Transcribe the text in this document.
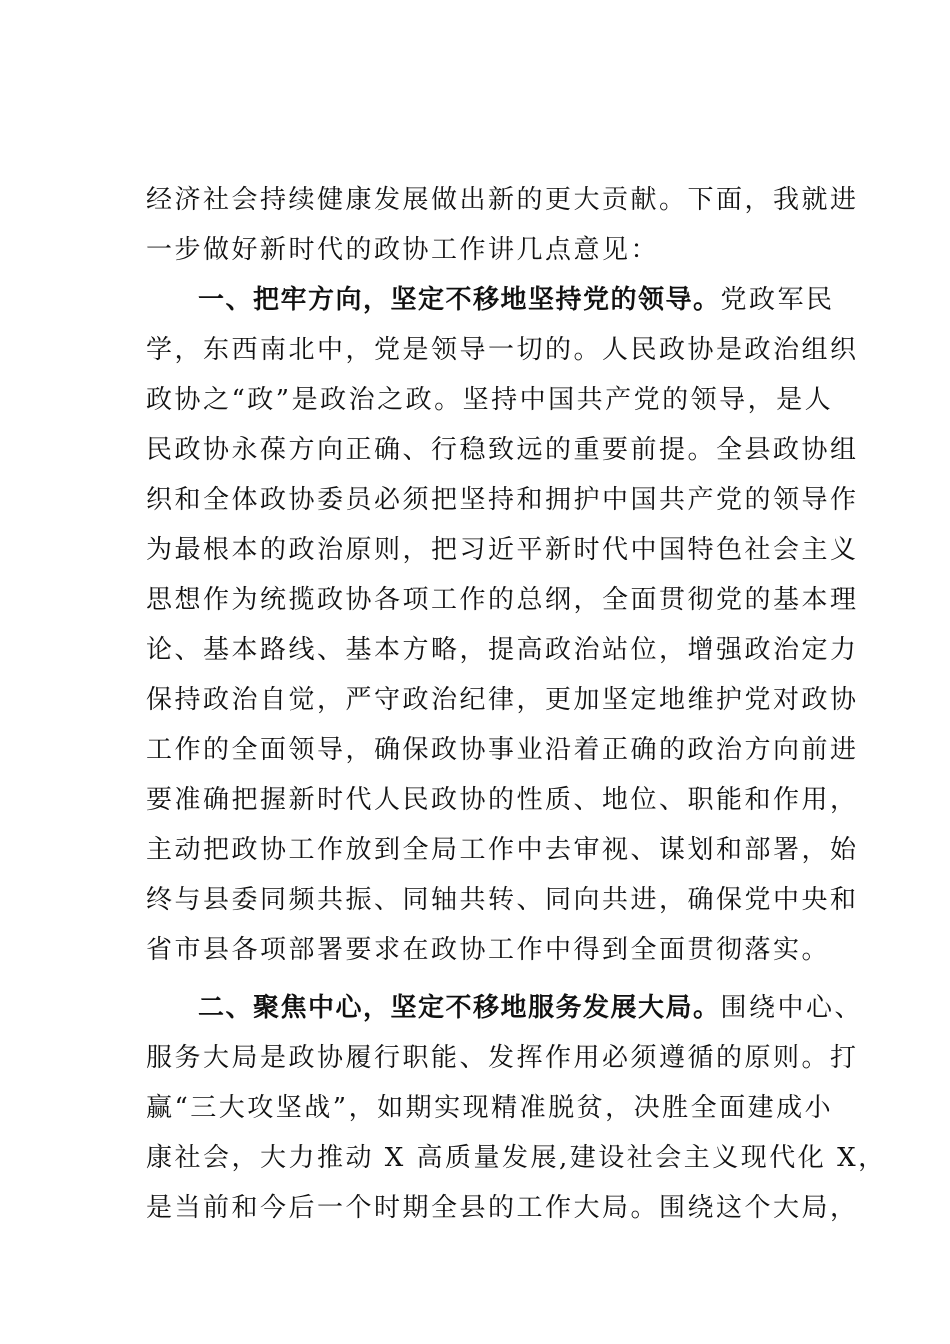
经济社会持续健康发展做出新的更大贡献。下面，我就进
一步做好新时代的政协工作讲几点意见：
一、把牢方向，坚定不移地坚持党的领导。党政军民
学，东西南北中，党是领导一切的。人民政协是政治组织
政协之“政”是政治之政。坚持中国共产党的领导，是人
民政协永葆方向正确、行稳致远的重要前提。全县政协组
织和全体政协委员必须把坚持和拥护中国共产党的领导作
为最根本的政治原则，把习近平新时代中国特色社会主义
思想作为统揽政协各项工作的总纲，全面贯彻党的基本理
论、基本路线、基本方略，提高政治站位，增强政治定力
保持政治自觉，严守政治纪律，更加坚定地维护党对政协
工作的全面领导，确保政协事业沿着正确的政治方向前进
要准确把握新时代人民政协的性质、地位、职能和作用，
主动把政协工作放到全局工作中去审视、谋划和部署，始
终与县委同频共振、同轴共转、同向共进，确保党中央和
省市县各项部署要求在政协工作中得到全面贯彻落实。
二、聚焦中心，坚定不移地服务发展大局。围绕中心、
服务大局是政协履行职能、发挥作用必须遵循的原则。打
赢“三大攻坚战”，如期实现精准脱贫，决胜全面建成小
康社会，大力推动 X 高质量发展,建设社会主义现代化 X，
是当前和今后一个时期全县的工作大局。围绕这个大局，
